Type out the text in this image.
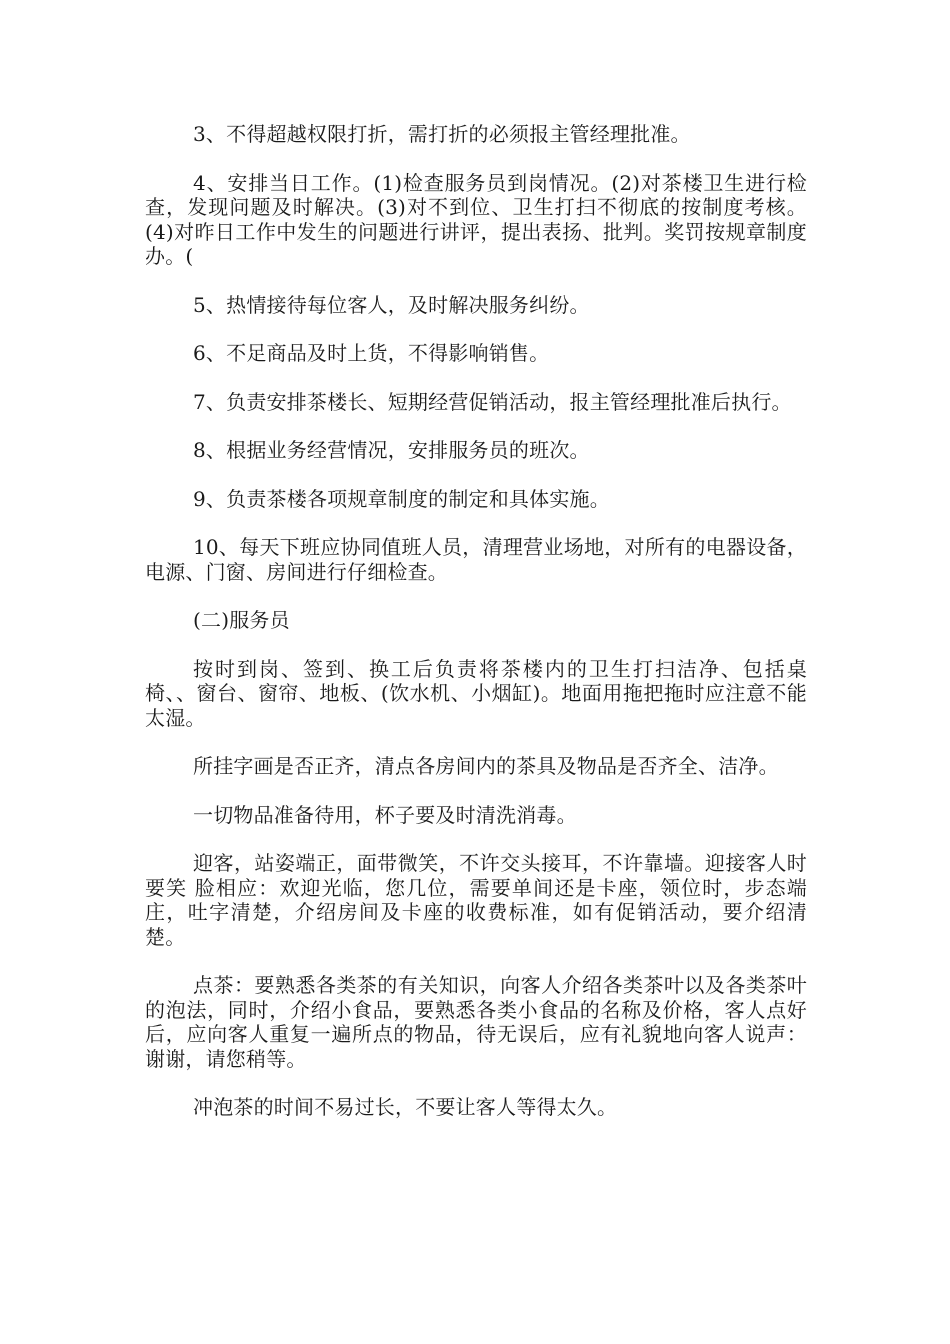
3、不得超越权限打折，需打折的必须报主管经理批准。

4、安排当日工作。(1)检查服务员到岗情况。(2)对茶楼卫生进行检查，发现问题及时解决。(3)对不到位、卫生打扫不彻底的按制度考核。(4)对昨日工作中发生的问题进行讲评，提出表扬、批判。奖罚按规章制度办。(

5、热情接待每位客人，及时解决服务纠纷。

6、不足商品及时上货，不得影响销售。

7、负责安排茶楼长、短期经营促销活动，报主管经理批准后执行。

8、根据业务经营情况，安排服务员的班次。

9、负责茶楼各项规章制度的制定和具体实施。

10、每天下班应协同值班人员，清理营业场地，对所有的电器设备，电源、门窗、房间进行仔细检查。

(二)服务员

按时到岗、签到、换工后负责将茶楼内的卫生打扫洁净、包括桌椅、、窗台、窗帘、地板、(饮水机、小烟缸)。地面用拖把拖时应注意不能太湿。

所挂字画是否正齐，清点各房间内的茶具及物品是否齐全、洁净。

一切物品准备待用，杯子要及时清洗消毒。

迎客，站姿端正，面带微笑，不许交头接耳，不许靠墙。迎接客人时要笑 脸相应：欢迎光临，您几位，需要单间还是卡座，领位时，步态端庄，吐字清楚，介绍房间及卡座的收费标准，如有促销活动，要介绍清楚。

点茶：要熟悉各类茶的有关知识，向客人介绍各类茶叶以及各类茶叶的泡法，同时，介绍小食品，要熟悉各类小食品的名称及价格，客人点好后，应向客人重复一遍所点的物品，待无误后，应有礼貌地向客人说声：谢谢，请您稍等。

冲泡茶的时间不易过长，不要让客人等得太久。
